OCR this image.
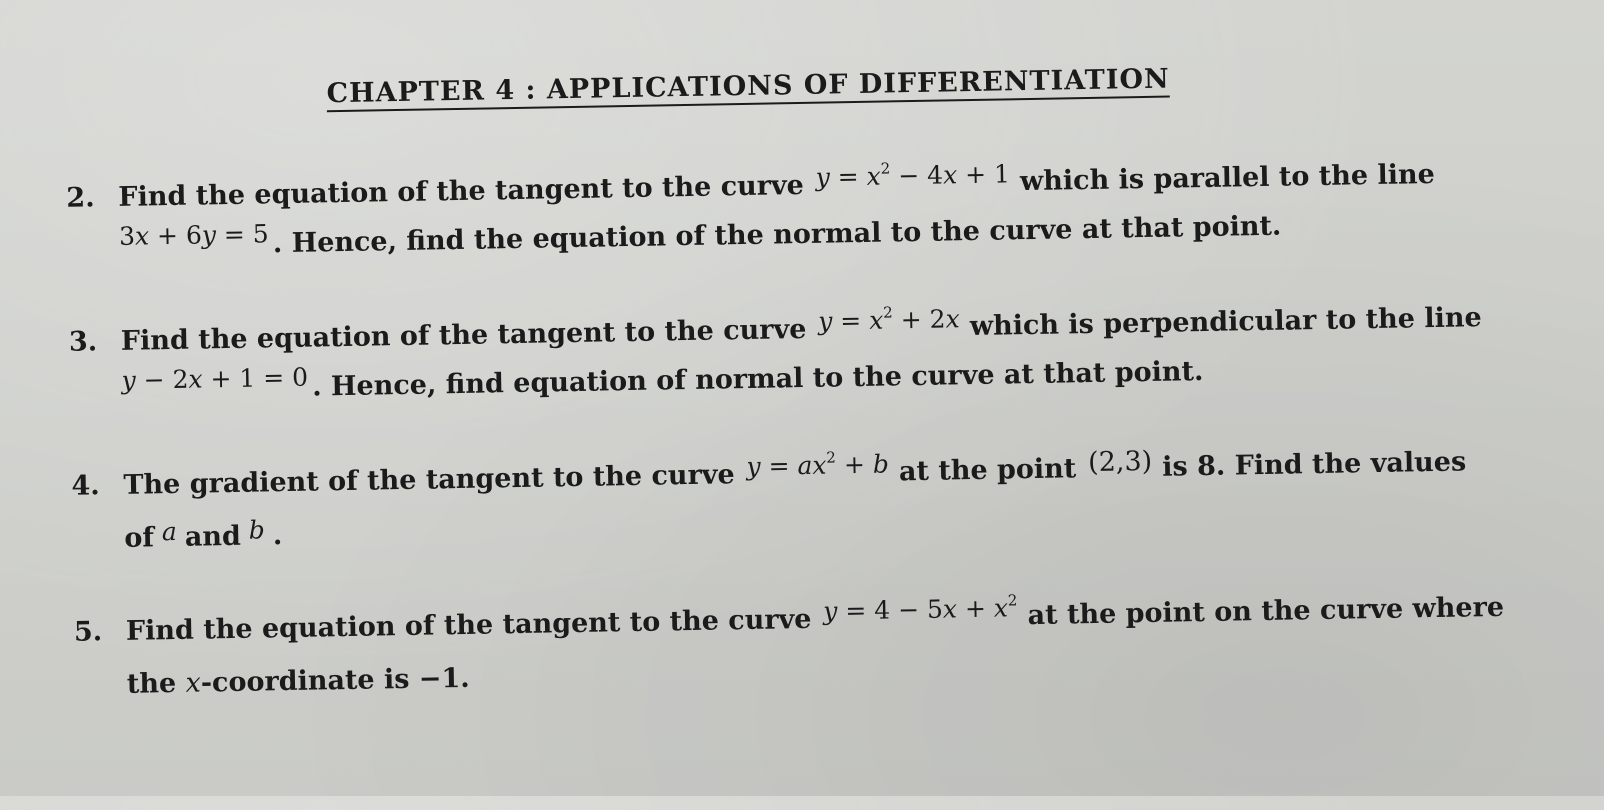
CHAPTER 4 : APPLICATIONS OF DIFFERENTIATION
2. Find the equation of the tangent to the curve $y = x^2 - 4x + 1$ which is parallel to the line
3x + 6y = 5 . Hence, find the equation of the normal to the curve at that point.
3. Find the equation of the tangent to the curve $y = x^2 + 2x$ which is perpendicular to the line
y − 2x + 1 = 0 . Hence, find equation of normal to the curve at that point.
4. The gradient of the tangent to the curve $y = ax^2 + b$ at the point (2,3) is 8. Find the values
of a and b .
5. Find the equation of the tangent to the curve $y = 4 - 5x + x^2$ at the point on the curve where
the x-coordinate is −1.
